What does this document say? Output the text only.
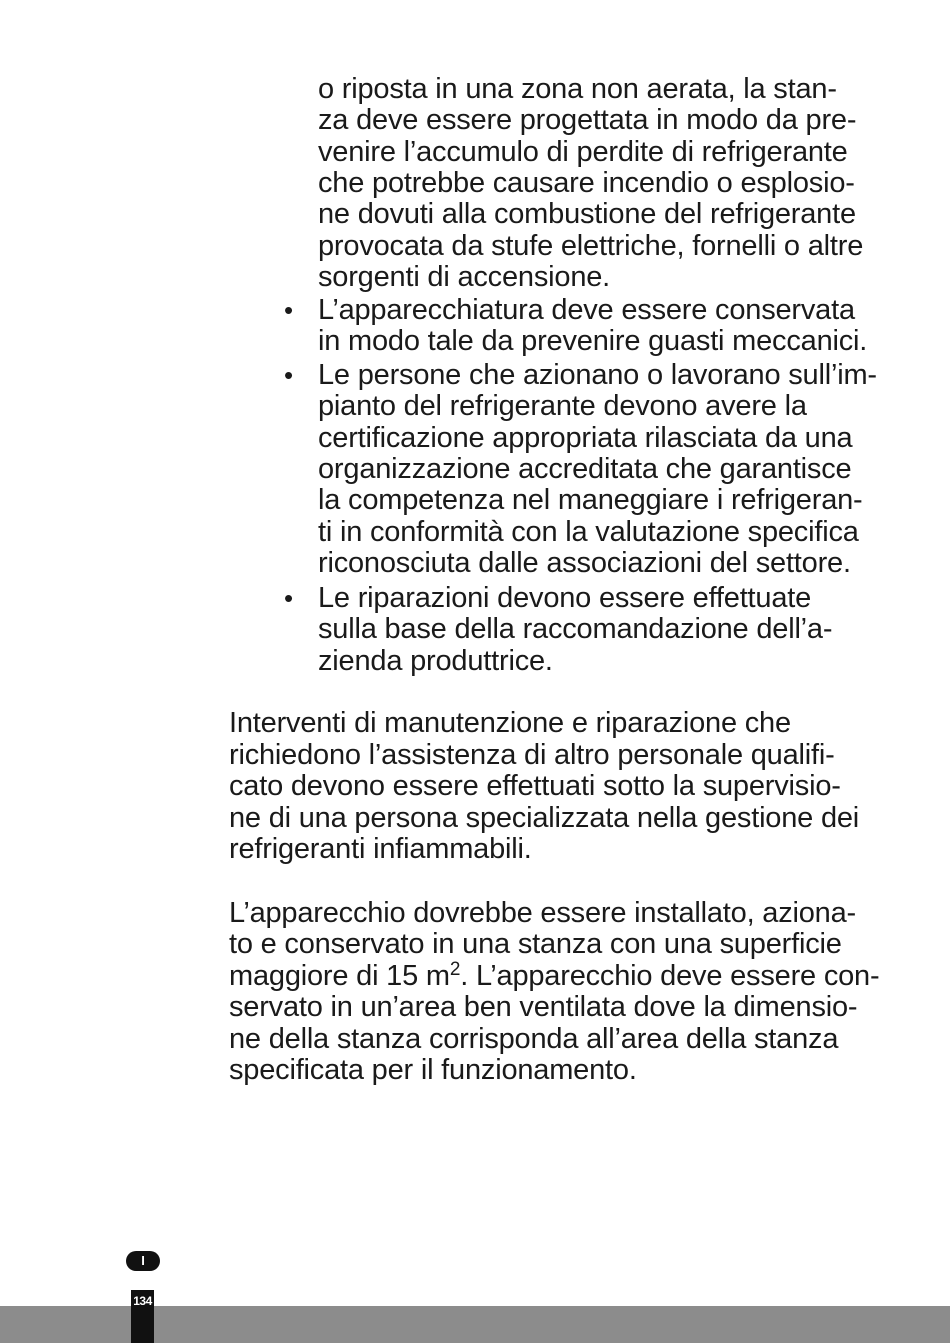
o riposta in una zona non aerata, la stan-
za deve essere progettata in modo da pre-
venire l’accumulo di perdite di refrigerante
che potrebbe causare incendio o esplosio-
ne dovuti alla combustione del refrigerante
provocata da stufe elettriche, fornelli o altre
sorgenti di accensione.
• L’apparecchiatura deve essere conservata
in modo tale da prevenire guasti meccanici.
• Le persone che azionano o lavorano sull’im-
pianto del refrigerante devono avere la
certificazione appropriata rilasciata da una
organizzazione accreditata che garantisce
la competenza nel maneggiare i refrigeran-
ti in conformità con la valutazione specifica
riconosciuta dalle associazioni del settore.
• Le riparazioni devono essere effettuate
sulla base della raccomandazione dell’a-
zienda produttrice.
Interventi di manutenzione e riparazione che
richiedono l’assistenza di altro personale qualifi-
cato devono essere effettuati sotto la supervisio-
ne di una persona specializzata nella gestione dei
refrigeranti infiammabili.
L’apparecchio dovrebbe essere installato, aziona-
to e conservato in una stanza con una superficie
maggiore di 15 $m^2$. L’apparecchio deve essere con-
servato in un’area ben ventilata dove la dimensio-
ne della stanza corrisponda all’area della stanza
specificata per il funzionamento.
I
134
